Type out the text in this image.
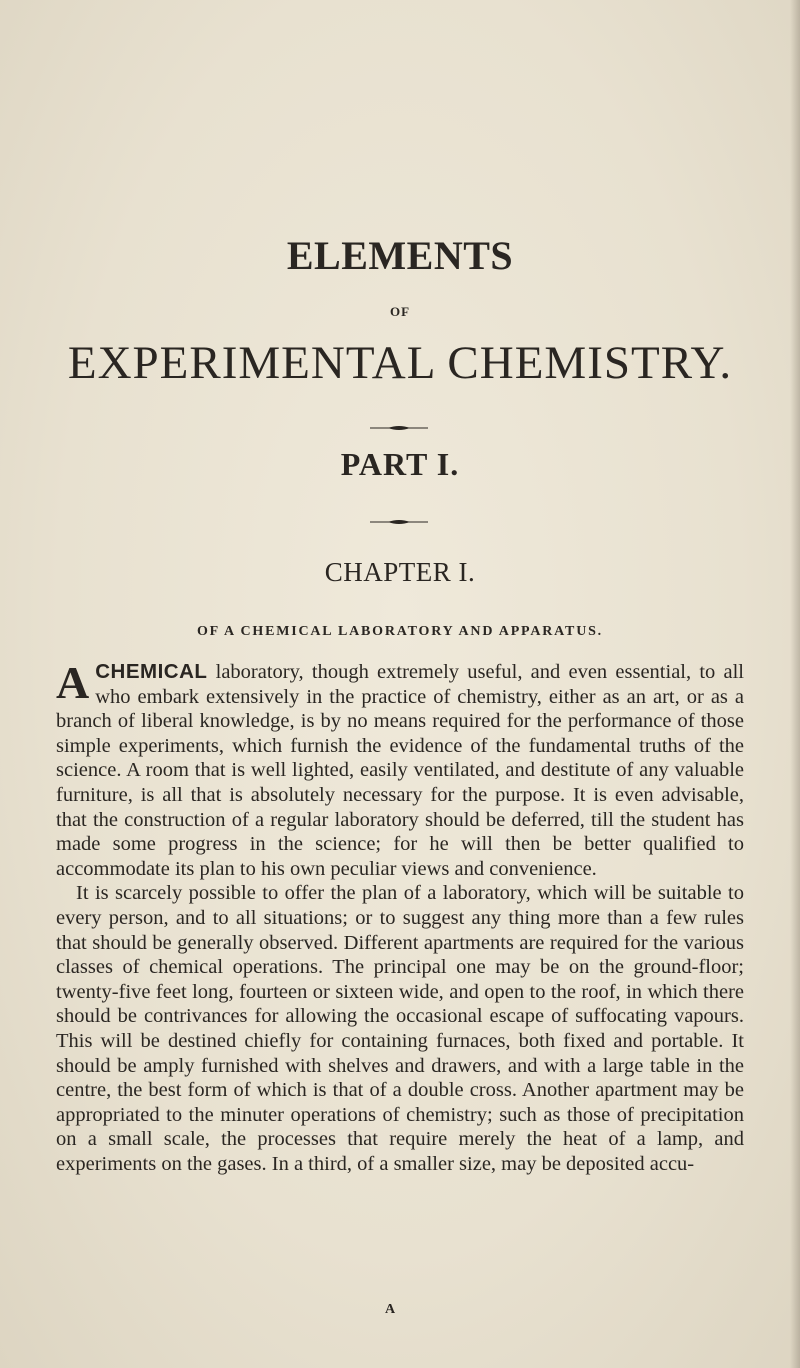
ELEMENTS
OF
EXPERIMENTAL CHEMISTRY.
PART I.
CHAPTER I.
OF A CHEMICAL LABORATORY AND APPARATUS.

ACHEMICAL laboratory, though extremely useful, and even essential, to all who embark extensively in the practice of chemistry, either as an art, or as a branch of liberal knowledge, is by no means required for the performance of those simple experiments, which furnish the evidence of the fundamental truths of the science. A room that is well lighted, easily ventilated, and destitute of any valuable furniture, is all that is absolutely necessary for the purpose. It is even advisable, that the construction of a regular laboratory should be deferred, till the student has made some progress in the science; for he will then be better qualified to accommodate its plan to his own peculiar views and convenience.

It is scarcely possible to offer the plan of a laboratory, which will be suitable to every person, and to all situations; or to suggest any thing more than a few rules that should be generally observed. Different apartments are required for the various classes of chemical operations. The principal one may be on the ground-floor; twenty-five feet long, fourteen or sixteen wide, and open to the roof, in which there should be contrivances for allowing the occasional escape of suffocating vapours. This will be destined chiefly for containing furnaces, both fixed and portable. It should be amply furnished with shelves and drawers, and with a large table in the centre, the best form of which is that of a double cross. Another apartment may be appropriated to the minuter operations of chemistry; such as those of precipitation on a small scale, the processes that require merely the heat of a lamp, and experiments on the gases. In a third, of a smaller size, may be deposited accu-

A
